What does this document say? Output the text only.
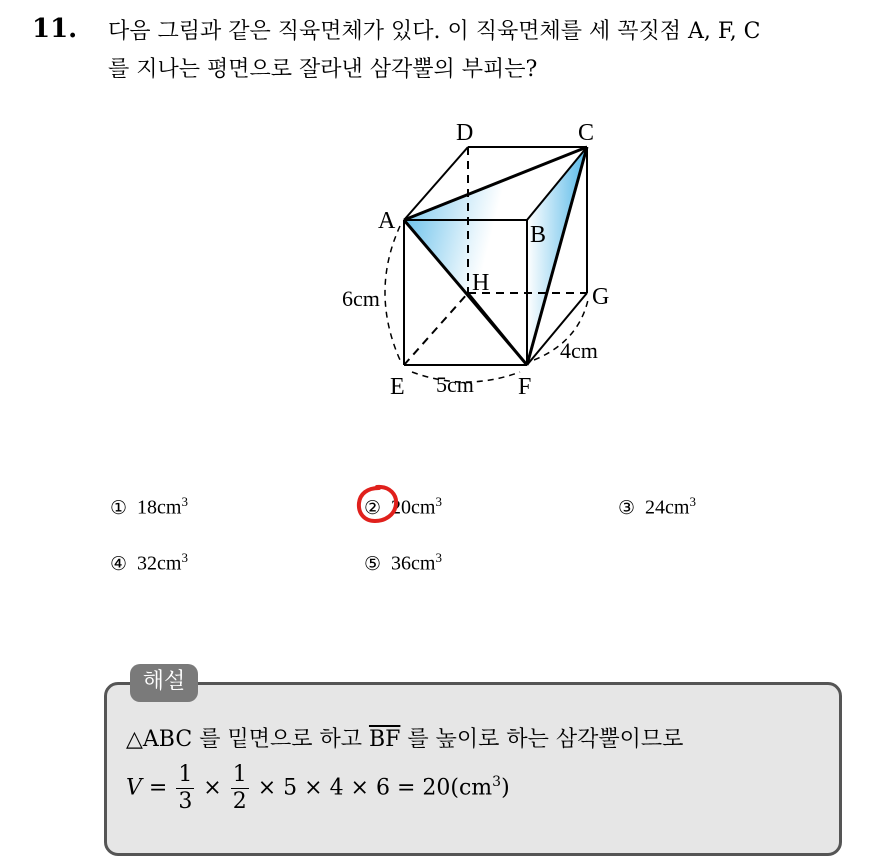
11. 다음 그림과 같은 직육면체가 있다. 이 직육면체를 세 꼭짓점 A, F, C
를 지나는 평면으로 잘라낸 삼각뿔의 부피는?
D	C
A
B
H
G
E	F
6cm
5cm
4cm
① $18cm^3$	② $20cm^3$	③ $24cm^3$
④ $32cm^3$	⑤ $36cm^3$
해설
△ABC 를 밑면으로 하고 $\overline{BF}$ 를 높이로 하는 삼각뿔이므로
$V = \frac{1}{3} \times \frac{1}{2} \times 5 \times 4 \times 6 = 20(cm^3)$
